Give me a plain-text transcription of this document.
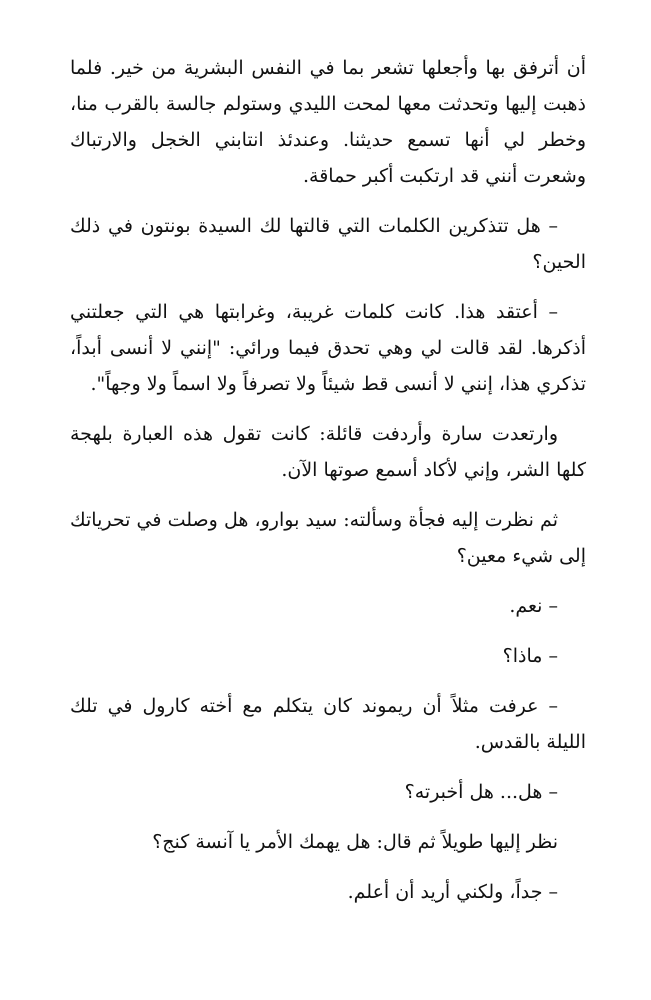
أن أترفق بها وأجعلها تشعر بما في النفس البشرية من خير. فلما ذهبت إليها وتحدثت معها لمحت الليدي وستولم جالسة بالقرب منا، وخطر لي أنها تسمع حديثنا. وعندئذ انتابني الخجل والارتباك وشعرت أنني قد ارتكبت أكبر حماقة.

– هل تتذكرين الكلمات التي قالتها لك السيدة بونتون في ذلك الحين؟

– أعتقد هذا. كانت كلمات غريبة، وغرابتها هي التي جعلتني أذكرها. لقد قالت لي وهي تحدق فيما ورائي: "إنني لا أنسى أبداً، تذكري هذا، إنني لا أنسى قط شيئاً ولا تصرفاً ولا اسماً ولا وجهاً".

وارتعدت سارة وأردفت قائلة: كانت تقول هذه العبارة بلهجة كلها الشر، وإني لأكاد أسمع صوتها الآن.

ثم نظرت إليه فجأة وسألته: سيد بوارو، هل وصلت في تحرياتك إلى شيء معين؟

– نعم.

– ماذا؟

– عرفت مثلاً أن ريموند كان يتكلم مع أخته كارول في تلك الليلة بالقدس.

– هل... هل أخبرته؟

نظر إليها طويلاً ثم قال: هل يهمك الأمر يا آنسة كنج؟

– جداً، ولكني أريد أن أعلم.
